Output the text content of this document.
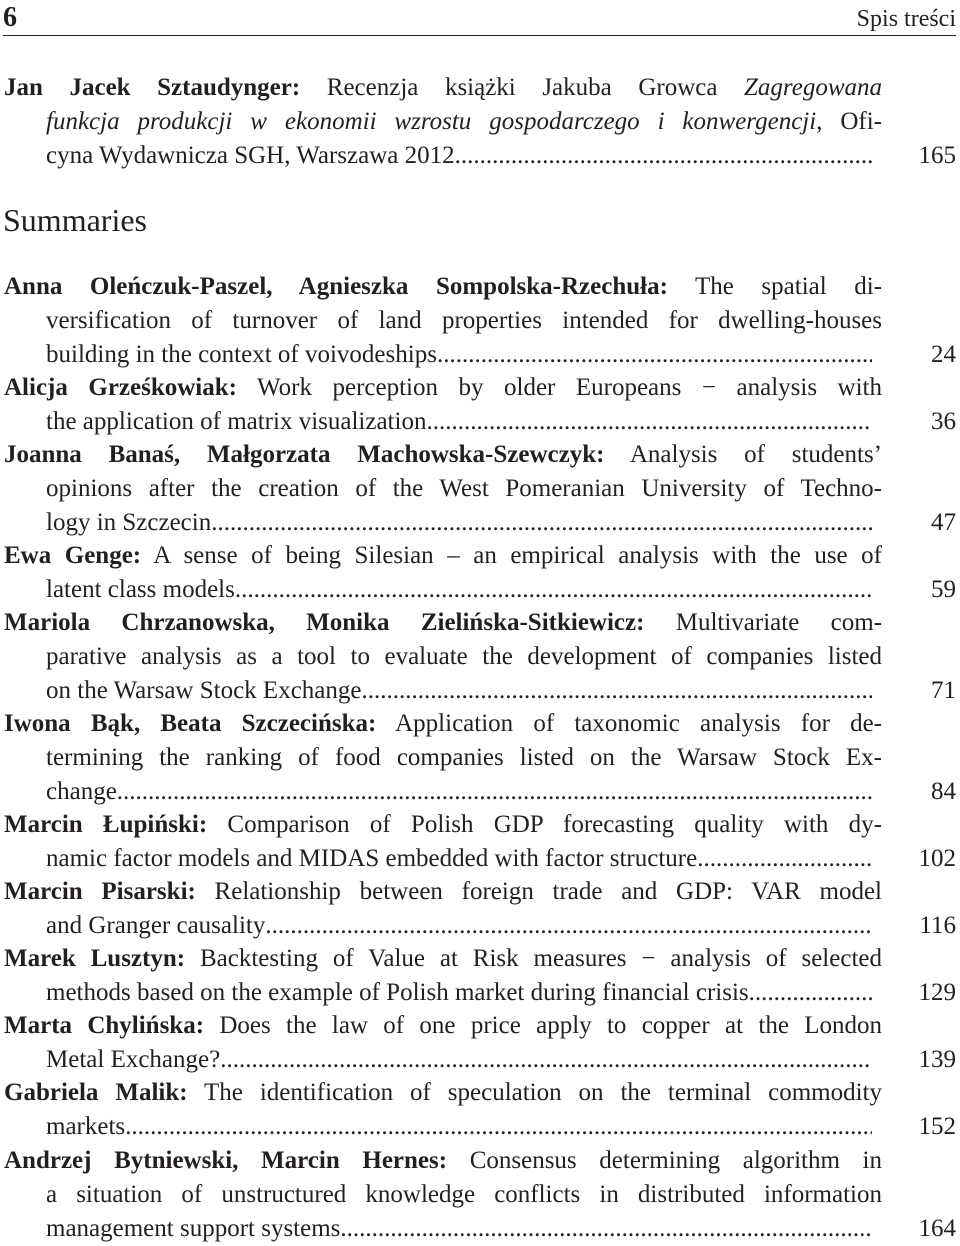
6	Spis treści
Jan Jacek Sztaudynger: Recenzja książki Jakuba Growca Zagregowana
funkcja produkcji w ekonomii wzrostu gospodarczego i konwergencji, Ofi-
cyna Wydawnicza SGH, Warszawa 2012 .....	165
Summaries
Anna Oleńczuk-Paszel, Agnieszka Sompolska-Rzechuła: The spatial di-
versification of turnover of land properties intended for dwelling-houses
building in the context of voivodeships .....	24
Alicja Grześkowiak: Work perception by older Europeans − analysis with
the application of matrix visualization .....	36
Joanna Banaś, Małgorzata Machowska-Szewczyk: Analysis of students’
opinions after the creation of the West Pomeranian University of Techno-
logy in Szczecin .....	47
Ewa Genge: A sense of being Silesian – an empirical analysis with the use of
latent class models .....	59
Mariola Chrzanowska, Monika Zielińska-Sitkiewicz: Multivariate com-
parative analysis as a tool to evaluate the development of companies listed
on the Warsaw Stock Exchange .....	71
Iwona Bąk, Beata Szczecińska: Application of taxonomic analysis for de-
termining the ranking of food companies listed on the Warsaw Stock Ex-
change .....	84
Marcin Łupiński: Comparison of Polish GDP forecasting quality with dy-
namic factor models and MIDAS embedded with factor structure .....	102
Marcin Pisarski: Relationship between foreign trade and GDP: VAR model
and Granger causality .....	116
Marek Lusztyn: Backtesting of Value at Risk measures − analysis of selected
methods based on the example of Polish market during financial crisis .....	129
Marta Chylińska: Does the law of one price apply to copper at the London
Metal Exchange? .....	139
Gabriela Malik: The identification of speculation on the terminal commodity
markets .....	152
Andrzej Bytniewski, Marcin Hernes: Consensus determining algorithm in
a situation of unstructured knowledge conflicts in distributed information
management support systems .....	164
